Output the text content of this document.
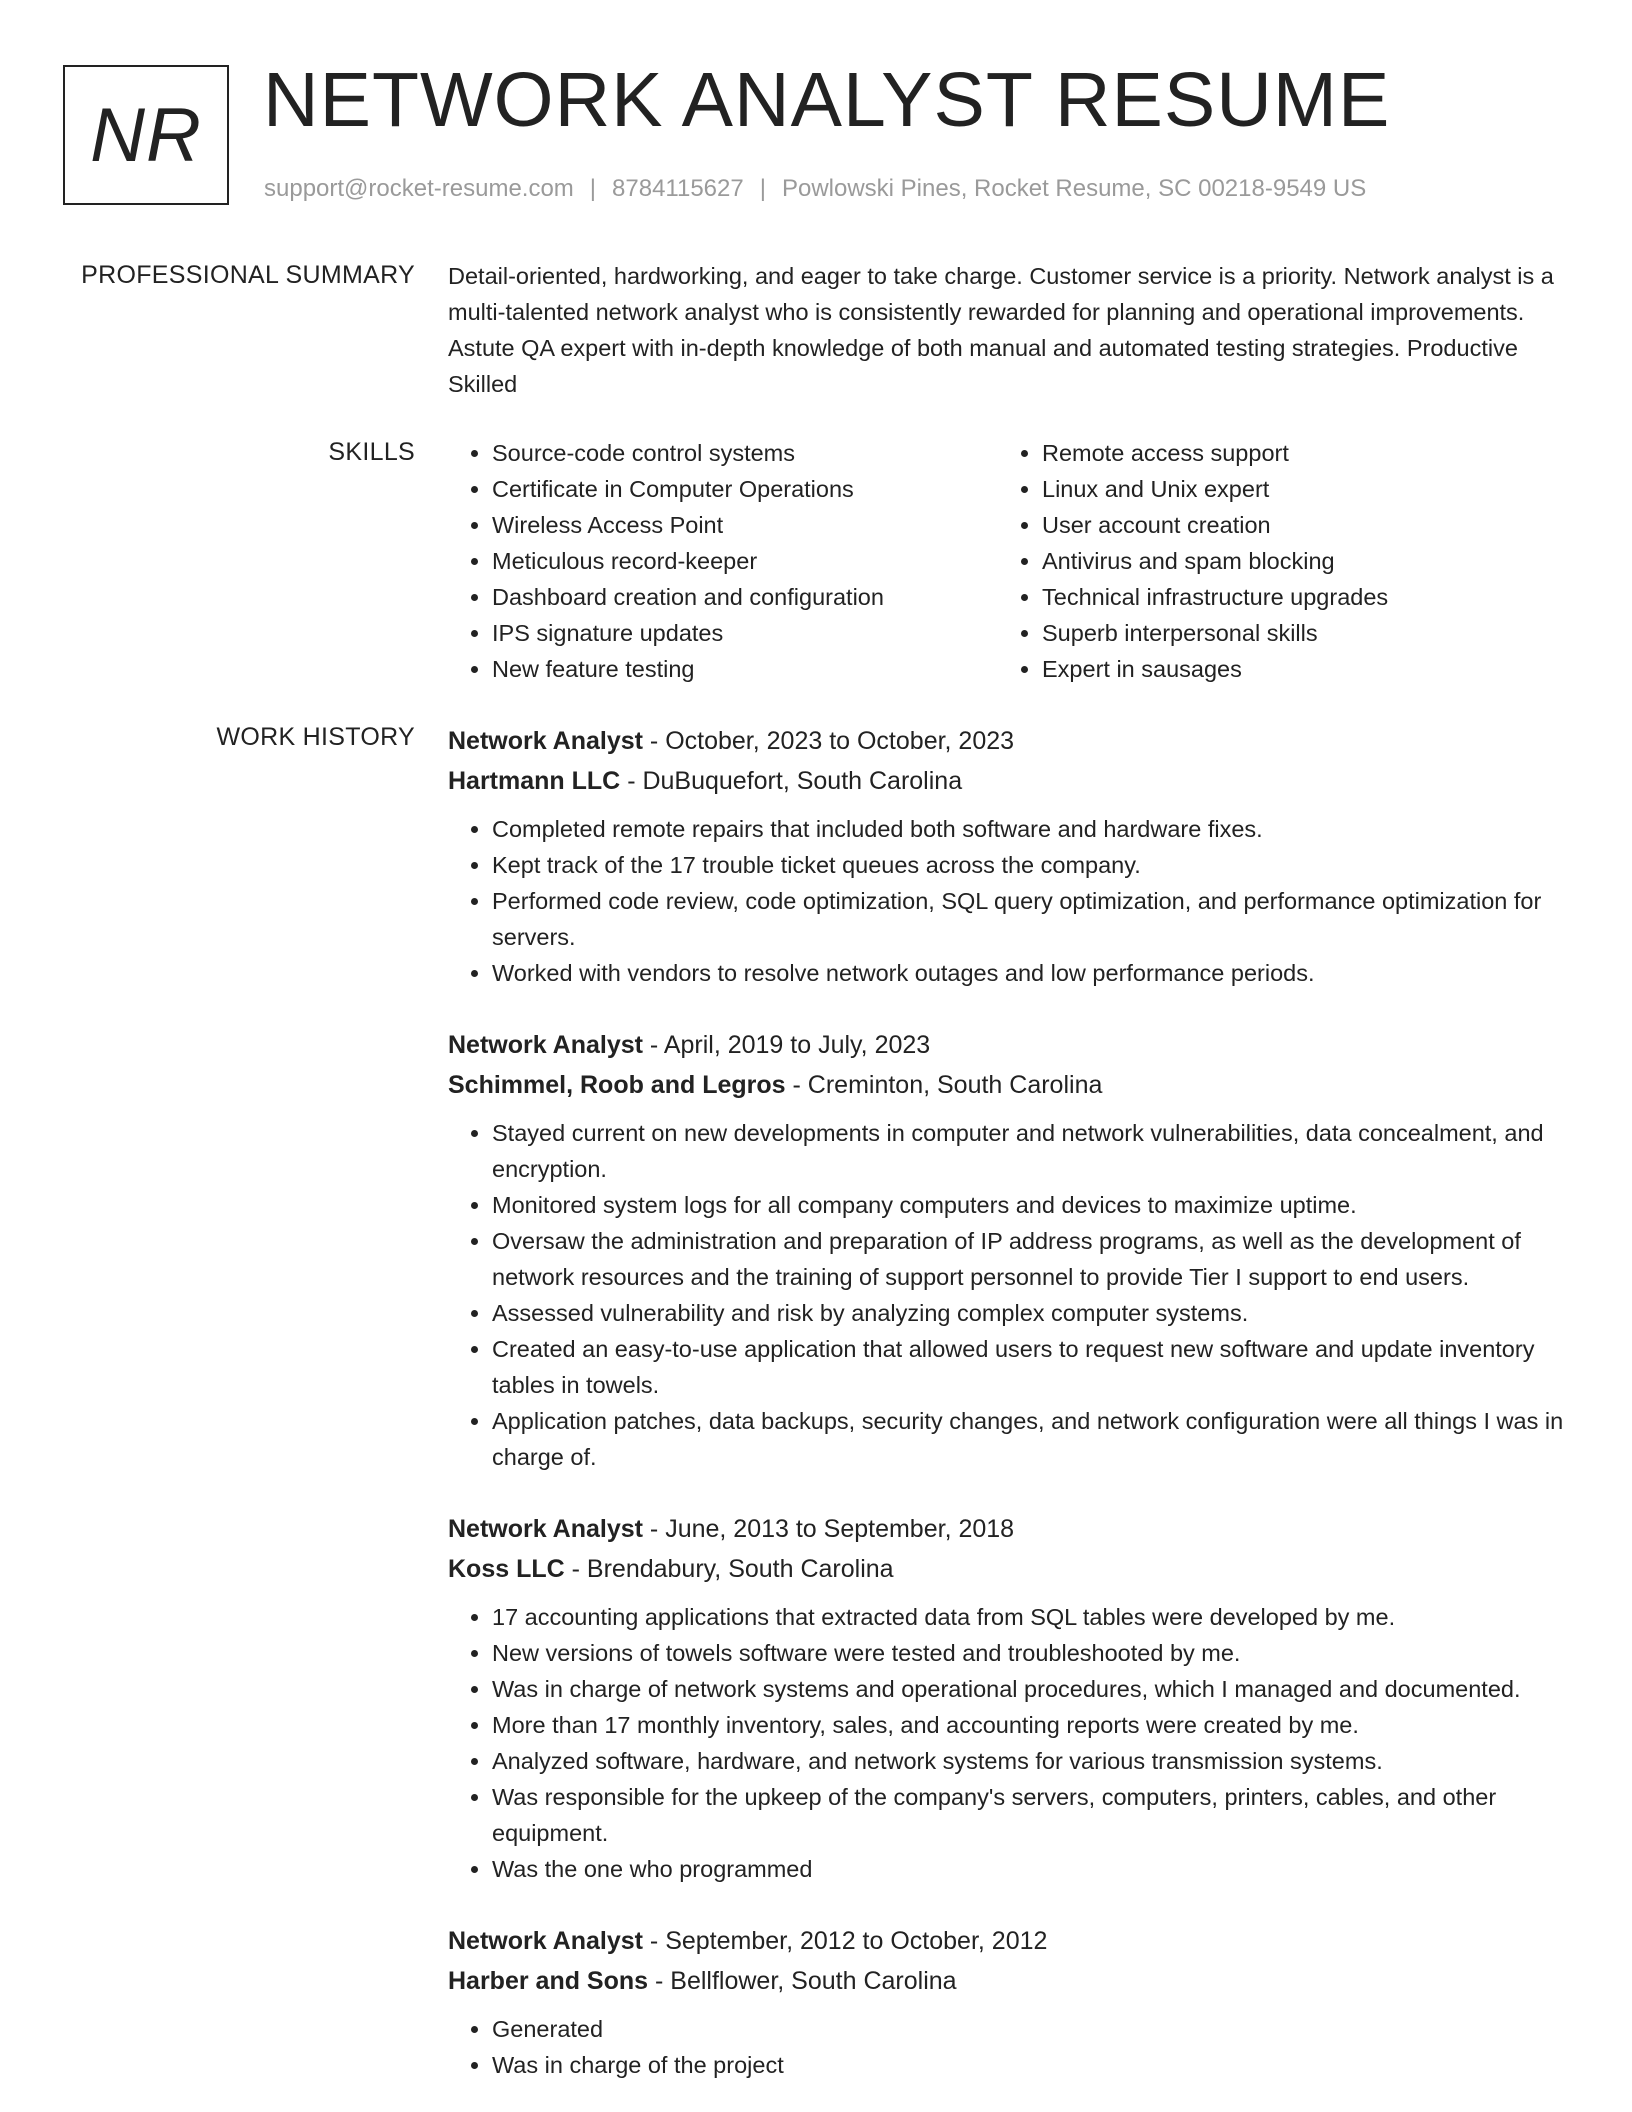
NR NETWORK ANALYST RESUME
support@rocket-resume.com | 8784115627 | Powlowski Pines, Rocket Resume, SC 00218-9549 US
PROFESSIONAL SUMMARY Detail-oriented, hardworking, and eager to take charge. Customer service is a priority. Network analyst is a multi-talented network analyst who is consistently rewarded for planning and operational improvements. Astute QA expert with in-depth knowledge of both manual and automated testing strategies. Productive Skilled
SKILLS
•	Source-code control systems
• Certificate in Computer Operations
• Wireless Access Point
• Meticulous record-keeper
• Dashboard creation and configuration
• IPS signature updates
• New feature testing
• Remote access support
• Linux and Unix expert
• User account creation
• Antivirus and spam blocking
• Technical infrastructure upgrades
• Superb interpersonal skills
• Expert in sausages
WORK HISTORY Network Analyst - October, 2023 to October, 2023
Hartmann LLC - DuBuquefort, South Carolina
• Completed remote repairs that included both software and hardware fixes.
• Kept track of the 17 trouble ticket queues across the company.
• Performed code review, code optimization, SQL query optimization, and performance optimization for servers.
• Worked with vendors to resolve network outages and low performance periods.
Network Analyst - April, 2019 to July, 2023
Schimmel, Roob and Legros - Creminton, South Carolina
• Stayed current on new developments in computer and network vulnerabilities, data concealment, and encryption.
• Monitored system logs for all company computers and devices to maximize uptime.
• Oversaw the administration and preparation of IP address programs, as well as the development of network resources and the training of support personnel to provide Tier I support to end users.
• Assessed vulnerability and risk by analyzing complex computer systems.
• Created an easy-to-use application that allowed users to request new software and update inventory tables in towels.
• Application patches, data backups, security changes, and network configuration were all things I was in charge of.
Network Analyst - June, 2013 to September, 2018
Koss LLC - Brendabury, South Carolina
• 17 accounting applications that extracted data from SQL tables were developed by me.
• New versions of towels software were tested and troubleshooted by me.
• Was in charge of network systems and operational procedures, which I managed and documented.
• More than 17 monthly inventory, sales, and accounting reports were created by me.
• Analyzed software, hardware, and network systems for various transmission systems.
• Was responsible for the upkeep of the company's servers, computers, printers, cables, and other equipment.
• Was the one who programmed
Network Analyst - September, 2012 to October, 2012
Harber and Sons - Bellflower, South Carolina
• Generated
• Was in charge of the project
